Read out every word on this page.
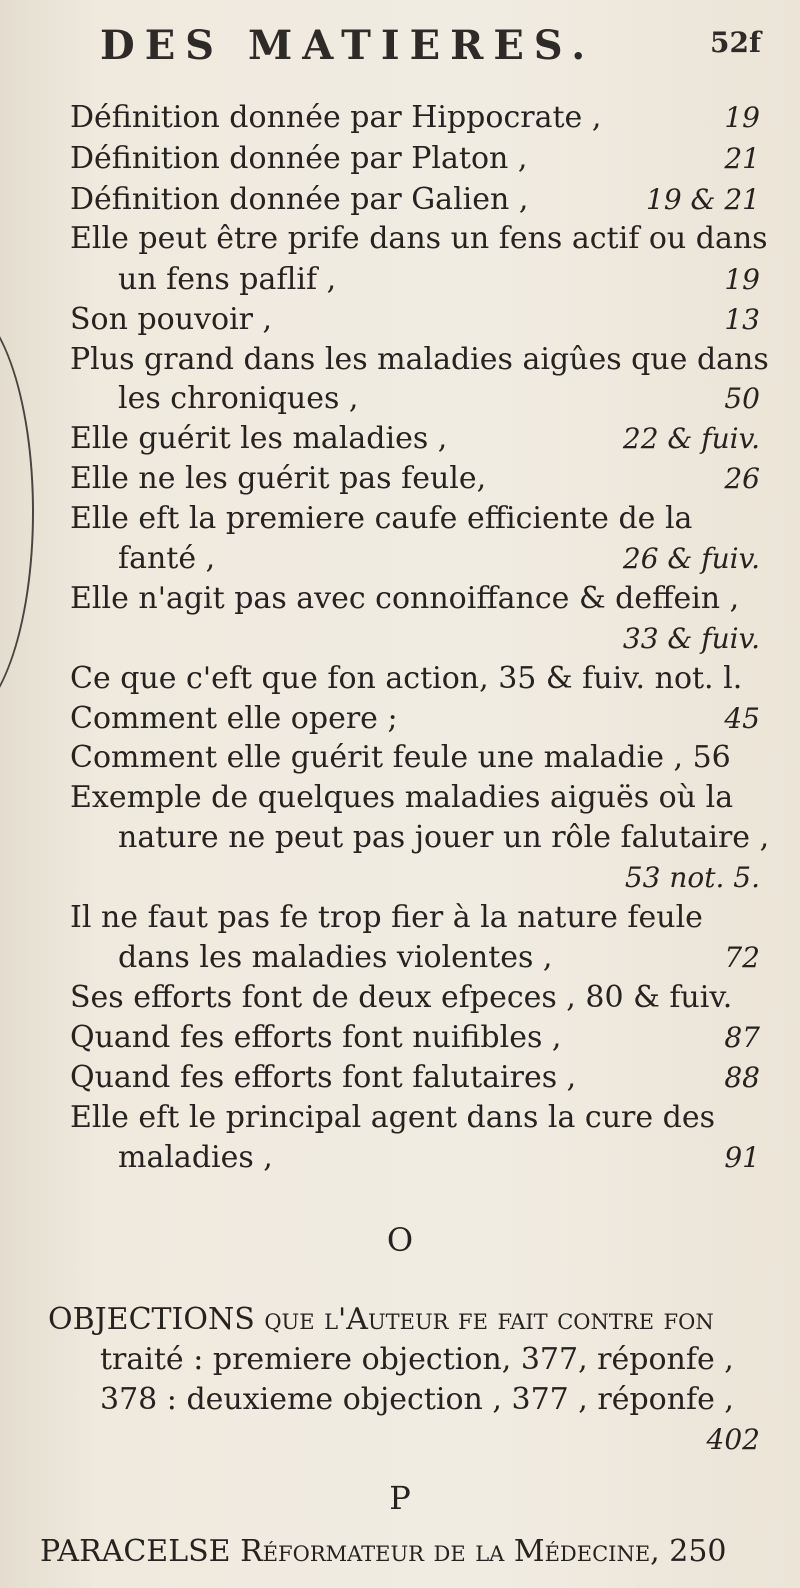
DES MATIERES.	52f
Définition donnée par Hippocrate ,	19
Définition donnée par Platon ,	21
Définition donnée par Galien ,	19 & 21
Elle peut être prife dans un fens actif ou dans
un fens paflif ,	19
Son pouvoir ,	13
Plus grand dans les maladies aigûes que dans
les chroniques ,	50
Elle guérit les maladies ,	22 & fuiv.
Elle ne les guérit pas feule,	26
Elle eft la premiere caufe efficiente de la
fanté ,	26 & fuiv.
Elle n'agit pas avec connoiffance & deffein ,
33 & fuiv.
Ce que c'eft que fon action, 35 & fuiv. not. l.
Comment elle opere ;	45
Comment elle guérit feule une maladie , 56
Exemple de quelques maladies aiguës où la
nature ne peut pas jouer un rôle falutaire ,
53 not. 5.
Il ne faut pas fe trop fier à la nature feule
dans les maladies violentes ,	72
Ses efforts font de deux efpeces , 80 & fuiv.
Quand fes efforts font nuifibles ,	87
Quand fes efforts font falutaires ,	88
Elle eft le principal agent dans la cure des
maladies ,	91
O
OBJECTIONS que l'Auteur fe fait contre fon
traité : premiere objection, 377, réponfe ,
378 : deuxieme objection , 377 , réponfe ,
402
P
PARACELSE Réformateur de la Médecine, 250
